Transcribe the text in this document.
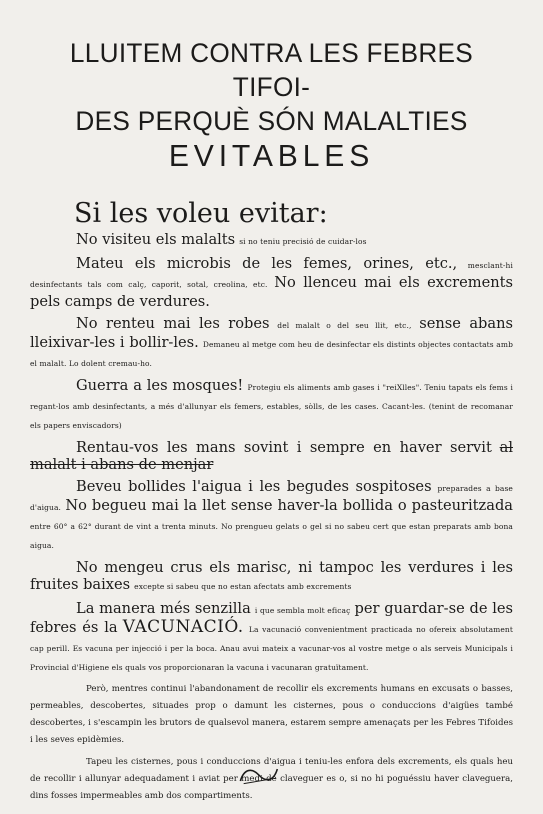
LLUITEM CONTRA LES FEBRES TIFOI-
DES PERQUÈ SÓN MALALTIES
EVITABLES
Si les voleu evitar:

No visiteu els malalts si no teniu precisió de cuidar-los

Mateu els microbis de les femes, orines, etc., mesclant-hi desinfectants tals com calç, caporit, sotal, creolina, etc. No llenceu mai els excrements pels camps de verdures.

No renteu mai les robes del malalt o del seu llit, etc., sense abans lleixivar-les i bollir-les. Demaneu al metge com heu de desinfectar els distints objectes contactats amb el malalt. Lo dolent cremau-ho.

Guerra a les mosques! Protegiu els aliments amb gases i "reiXlles". Teniu tapats els fems i regant-los amb desinfectants, a més d'allunyar els femers, estables, sòlls, de les cases. Cacant-les. (tenint de recomanar els papers enviscadors)

Rentau-vos les mans sovint i sempre en haver servit al malalt i abans de menjar

Beveu bollides l'aigua i les begudes sospitoses preparades a base d'aigua. No begueu mai la llet sense haver-la bollida o pasteuritzada entre 60° a 62° durant de vint a trenta minuts. No prengueu gelats o gel si no sabeu cert que estan preparats amb bona aigua.

No mengeu crus els marisc, ni tampoc les verdures i les fruites baixes excepte si sabeu que no estan afectats amb excrements

La manera més senzilla i que sembla molt eficaç per guardar-se de les febres és la VACUNACIÓ. La vacunació convenientment practicada no ofereix absolutament cap perill. Es vacuna per injecció i per la boca. Anau avui mateix a vacunar-vos al vostre metge o als serveis Municipals i Provincial d'Higiene els quals vos proporcionaran la vacuna i vacunaran gratuïtament.

Però, mentres continui l'abandonament de recollir els excrements humans en excusats o basses, permeables, descobertes, situades prop o damunt les cisternes, pous o conduccions d'aigües també descobertes, i s'escampin les brutors de qualsevol manera, estarem sempre amenaçats per les Febres Tifoides i les seves epidèmies.

Tapeu les cisternes, pous i conduccions d'aigua i teniu-les enfora dels excrements, els quals heu de recollir i allunyar adequadament i aviat per medi de claveguer es o, si no hi poguéssiu haver claveguera, dins fosses impermeables amb dos compartiments.
